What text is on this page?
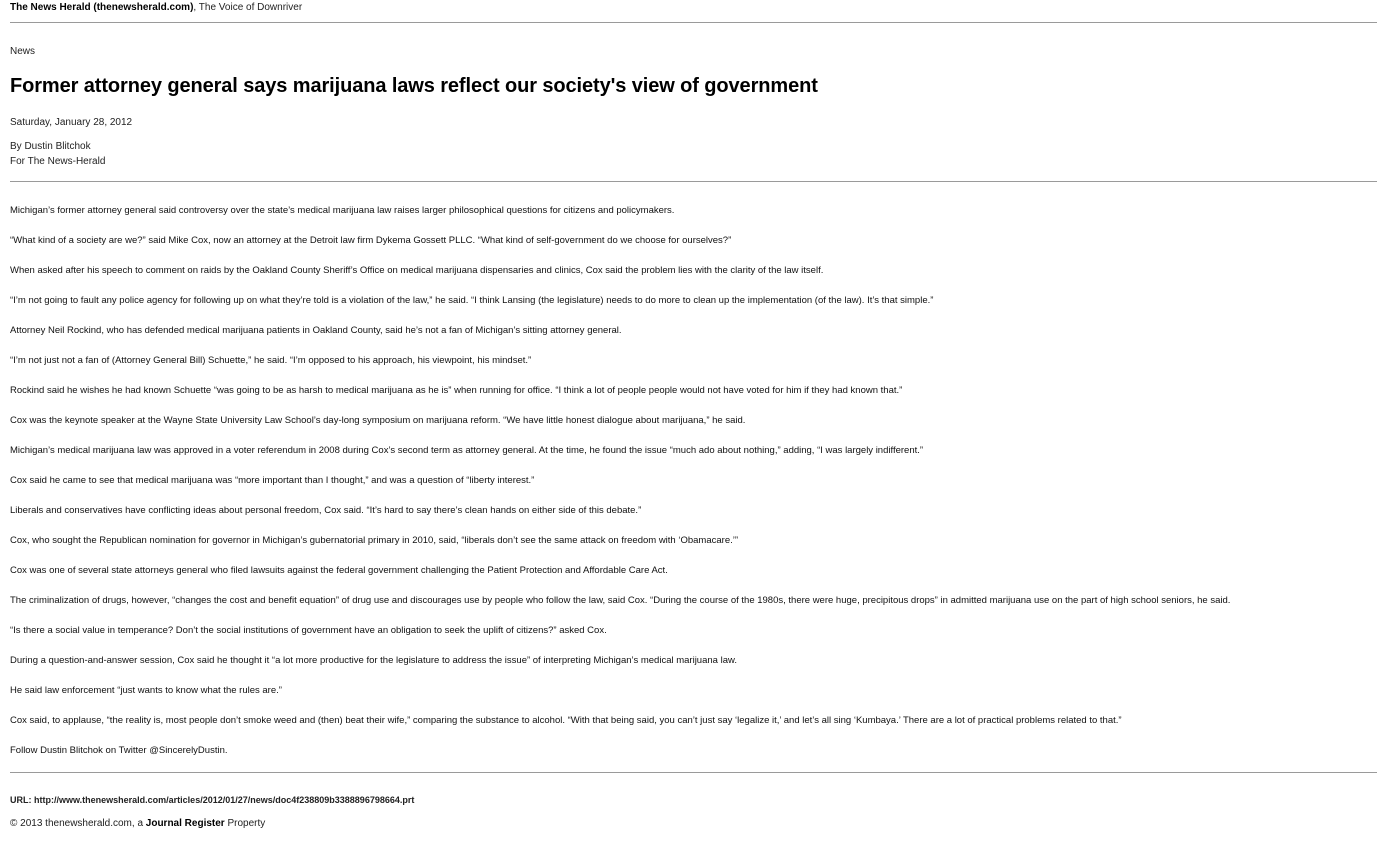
The News Herald (thenewsherald.com), The Voice of Downriver
News
Former attorney general says marijuana laws reflect our society's view of government
Saturday, January 28, 2012
By Dustin Blitchok
For The News-Herald

Michigan’s former attorney general said controversy over the state’s medical marijuana law raises larger philosophical questions for citizens and policymakers.

“What kind of a society are we?” said Mike Cox, now an attorney at the Detroit law firm Dykema Gossett PLLC. “What kind of self-government do we choose for ourselves?”

When asked after his speech to comment on raids by the Oakland County Sheriff’s Office on medical marijuana dispensaries and clinics, Cox said the problem lies with the clarity of the law itself.

“I’m not going to fault any police agency for following up on what they’re told is a violation of the law,” he said. “I think Lansing (the legislature) needs to do more to clean up the implementation (of the law). It’s that simple.”

Attorney Neil Rockind, who has defended medical marijuana patients in Oakland County, said he’s not a fan of Michigan’s sitting attorney general.

“I’m not just not a fan of (Attorney General Bill) Schuette,” he said. “I’m opposed to his approach, his viewpoint, his mindset.”

Rockind said he wishes he had known Schuette “was going to be as harsh to medical marijuana as he is” when running for office. “I think a lot of people people would not have voted for him if they had known that.”

Cox was the keynote speaker at the Wayne State University Law School’s day-long symposium on marijuana reform. “We have little honest dialogue about marijuana,” he said.

Michigan’s medical marijuana law was approved in a voter referendum in 2008 during Cox’s second term as attorney general. At the time, he found the issue “much ado about nothing,” adding, “I was largely indifferent.”

Cox said he came to see that medical marijuana was “more important than I thought,” and was a question of “liberty interest.”

Liberals and conservatives have conflicting ideas about personal freedom, Cox said. “It’s hard to say there’s clean hands on either side of this debate.”

Cox, who sought the Republican nomination for governor in Michigan’s gubernatorial primary in 2010, said, “liberals don’t see the same attack on freedom with ‘Obamacare.’”

Cox was one of several state attorneys general who filed lawsuits against the federal government challenging the Patient Protection and Affordable Care Act.

The criminalization of drugs, however, “changes the cost and benefit equation” of drug use and discourages use by people who follow the law, said Cox. “During the course of the 1980s, there were huge, precipitous drops” in admitted marijuana use on the part of high school seniors, he said.

“Is there a social value in temperance? Don’t the social institutions of government have an obligation to seek the uplift of citizens?” asked Cox.

During a question-and-answer session, Cox said he thought it “a lot more productive for the legislature to address the issue” of interpreting Michigan’s medical marijuana law.

He said law enforcement “just wants to know what the rules are.”

Cox said, to applause, “the reality is, most people don’t smoke weed and (then) beat their wife,” comparing the substance to alcohol. “With that being said, you can’t just say ‘legalize it,’ and let’s all sing ‘Kumbaya.’ There are a lot of practical problems related to that.”

Follow Dustin Blitchok on Twitter @SincerelyDustin.

URL: http://www.thenewsherald.com/articles/2012/01/27/news/doc4f238809b3388896798664.prt
© 2013 thenewsherald.com, a Journal Register Property
